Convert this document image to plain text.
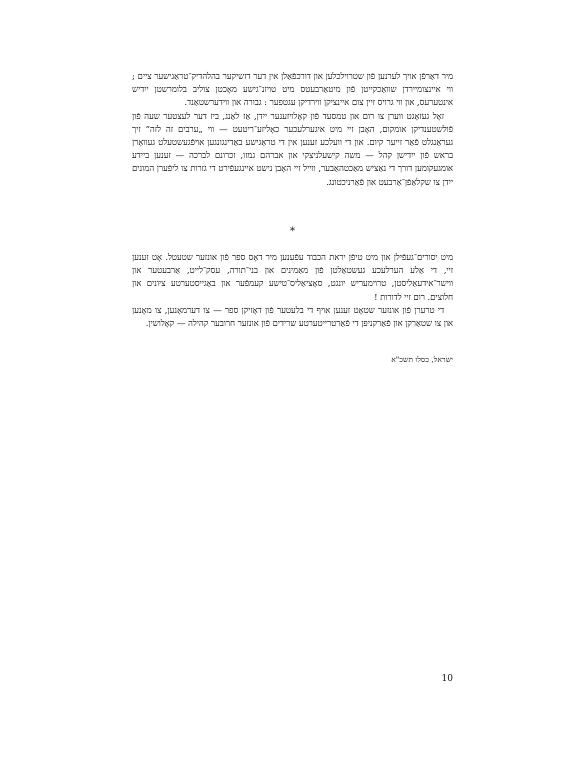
מיר דאַרפֿן אויך לערנען פֿון שטרוילכלען און דורכפֿאַלן אין דער דזשיקער בהלהדיק־טראַגישער ציים ; ווי איינצומיירדן שוואַכקייטן פֿון מיטאַרבעטס מיט טויזנ־גישע מאָכטן צוליב בלומרשטן ייִדיש אינטערעס, און ווי גרויס זיין צום איינציקן ווירדיקן עגטפער : גבורה און ווידערשטאַנד.

זאָל געזאָגט ווערן צו רום און טמסעד פֿון קאָלויזענער ייִדן, אַז לאַנג, ביז דער לעצטער שעה פֿון פֿולשטענדיקן אומקום, האָבן זיי מיט איגערלעכער כאָליזע־ריטעט — ווי „ערבים זה לזה” זיך געראַנגלט פֿאַר זייער קיום. און די וועלכע זענען אין די טראַגישע באַדינגונגען אויפֿגעשטעלט געוואָרן בראש פֿון ייִדישן קהל — משה קישעלניצקי און אברהם גמזו, זכרונם לברכה — זענען ביידע אומגעקומען דורך די נאַציש מאַכטהאַבער, ווייל זיי האָבן נישט איינגעפֿירט די גזרות צו ליפֿערן המונים ייִדן צו שקלאַפֿן־אַרבעט און פֿאַרניכטונג.

*

מיט יסורים־געפֿילן און מיט טיפֿן יראת הכבוד עפֿענען מיר דאָס ספר פֿון אונזער שטעטל. אָט זענען זיי, די אַלע הערלעכע געשטאַלטן פֿון מאַמינים און בני־תורה, עסק־לייט, אַרבעטער און ווישר־אידעאַליסטן, טרוימעריש יונגט, סאָציאַליס־טישע קעמפֿער און באַגייסטערטע ציונים און חלוצים. רום זיי לדורות !

די טרערן פֿון אונזער שטאָט זענען אויף די בלעטער פֿון דאָזיקן ספר — צו דערמאָנען, צו מאָנען און צו שטאַרקן און פֿאַרקניפּן די פֿאַרטרייטערטע שרידים פֿון אונזער חרובער קהילה — קאָלושין.

ישראל, כסלו תשכ"א
10
